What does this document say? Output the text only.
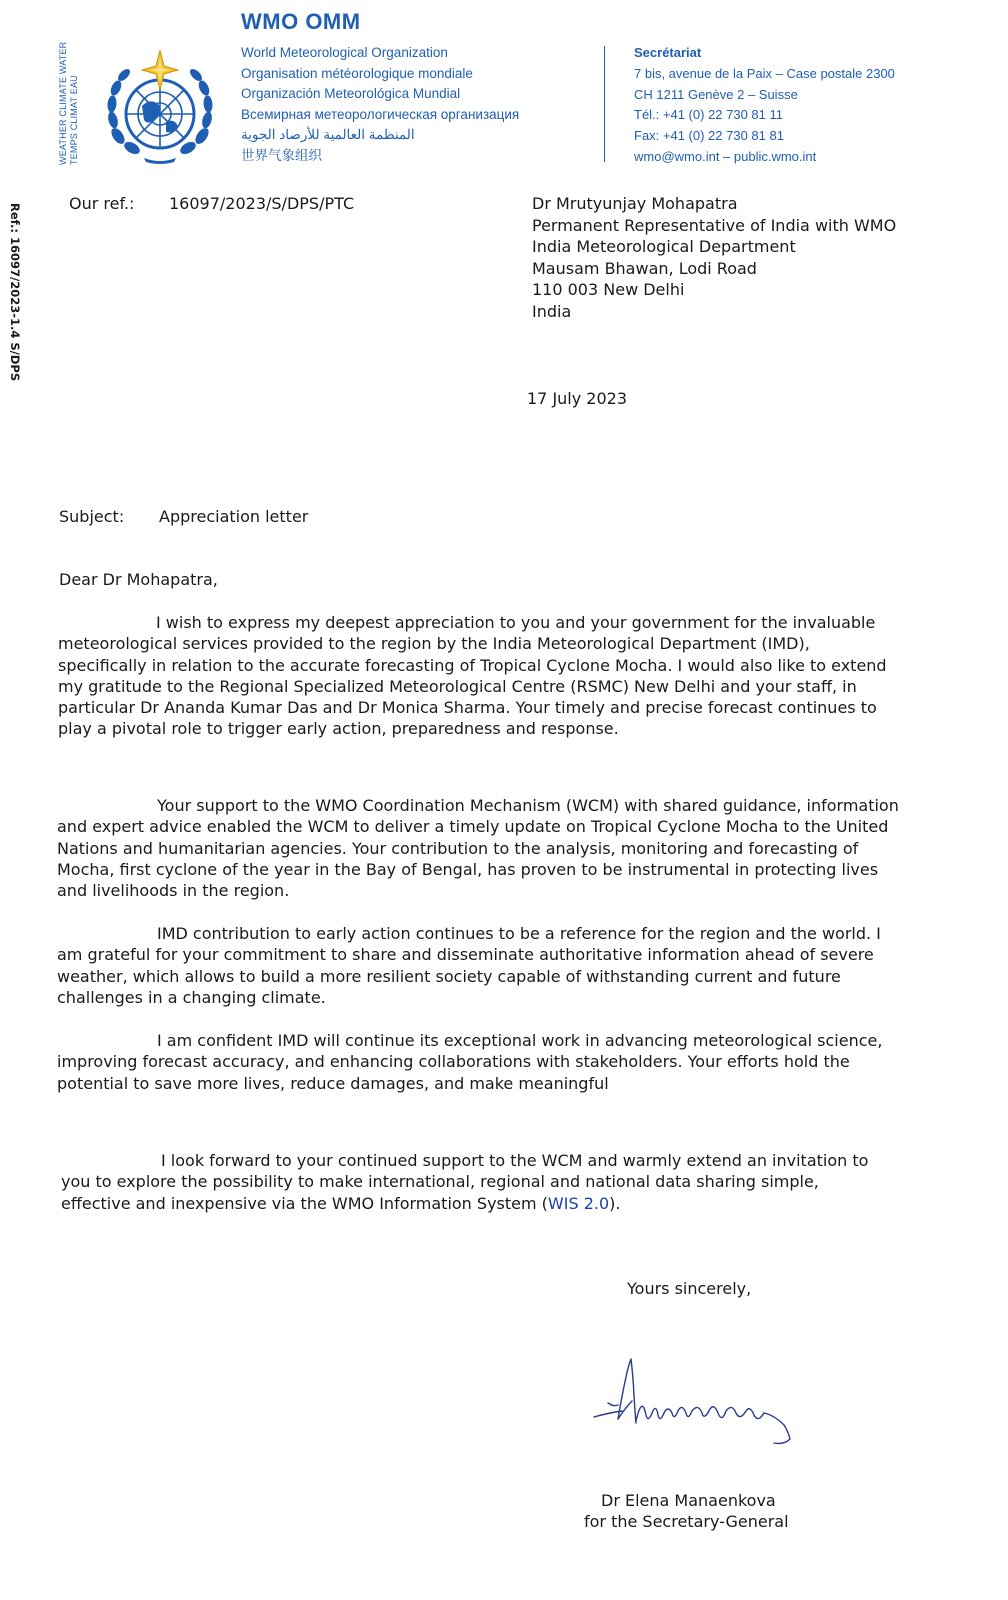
WEATHER CLIMATE WATER TEMPS CLIMAT EAU
WMO OMM
World Meteorological Organization
Organisation météorologique mondiale
Organización Meteorológica Mundial
Всемирная метеорологическая организация
المنظمة العالمية للأرصاد الجوية
世界气象组织
Secrétariat
7 bis, avenue de la Paix – Case postale 2300
CH 1211 Genève 2 – Suisse
Tél.: +41 (0) 22 730 81 11
Fax: +41 (0) 22 730 81 81
wmo@wmo.int – public.wmo.int
Ref.: 16097/2023-1.4 S/DPS	Our ref.: 16097/2023/S/DPS/PTC	Dr Mrutyunjay Mohapatra
Permanent Representative of India with WMO
India Meteorological Department
Mausam Bhawan, Lodi Road
110 003 New Delhi
India
17 July 2023
Subject: Appreciation letter
Dear Dr Mohapatra,
I wish to express my deepest appreciation to you and your government for the invaluable meteorological services provided to the region by the India Meteorological Department (IMD), specifically in relation to the accurate forecasting of Tropical Cyclone Mocha. I would also like to extend my gratitude to the Regional Specialized Meteorological Centre (RSMC) New Delhi and your staff, in particular Dr Ananda Kumar Das and Dr Monica Sharma. Your timely and precise forecast continues to play a pivotal role to trigger early action, preparedness and response.
Your support to the WMO Coordination Mechanism (WCM) with shared guidance, information and expert advice enabled the WCM to deliver a timely update on Tropical Cyclone Mocha to the United Nations and humanitarian agencies. Your contribution to the analysis, monitoring and forecasting of Mocha, first cyclone of the year in the Bay of Bengal, has proven to be instrumental in protecting lives and livelihoods in the region.
IMD contribution to early action continues to be a reference for the region and the world. I am grateful for your commitment to share and disseminate authoritative information ahead of severe weather, which allows to build a more resilient society capable of withstanding current and future challenges in a changing climate.
I am confident IMD will continue its exceptional work in advancing meteorological science, improving forecast accuracy, and enhancing collaborations with stakeholders. Your efforts hold the potential to save more lives, reduce damages, and make meaningful
I look forward to your continued support to the WCM and warmly extend an invitation to you to explore the possibility to make international, regional and national data sharing simple, effective and inexpensive via the WMO Information System (WIS 2.0).
Yours sincerely,
Manaenkova
Dr Elena Manaenkova
for the Secretary-General
